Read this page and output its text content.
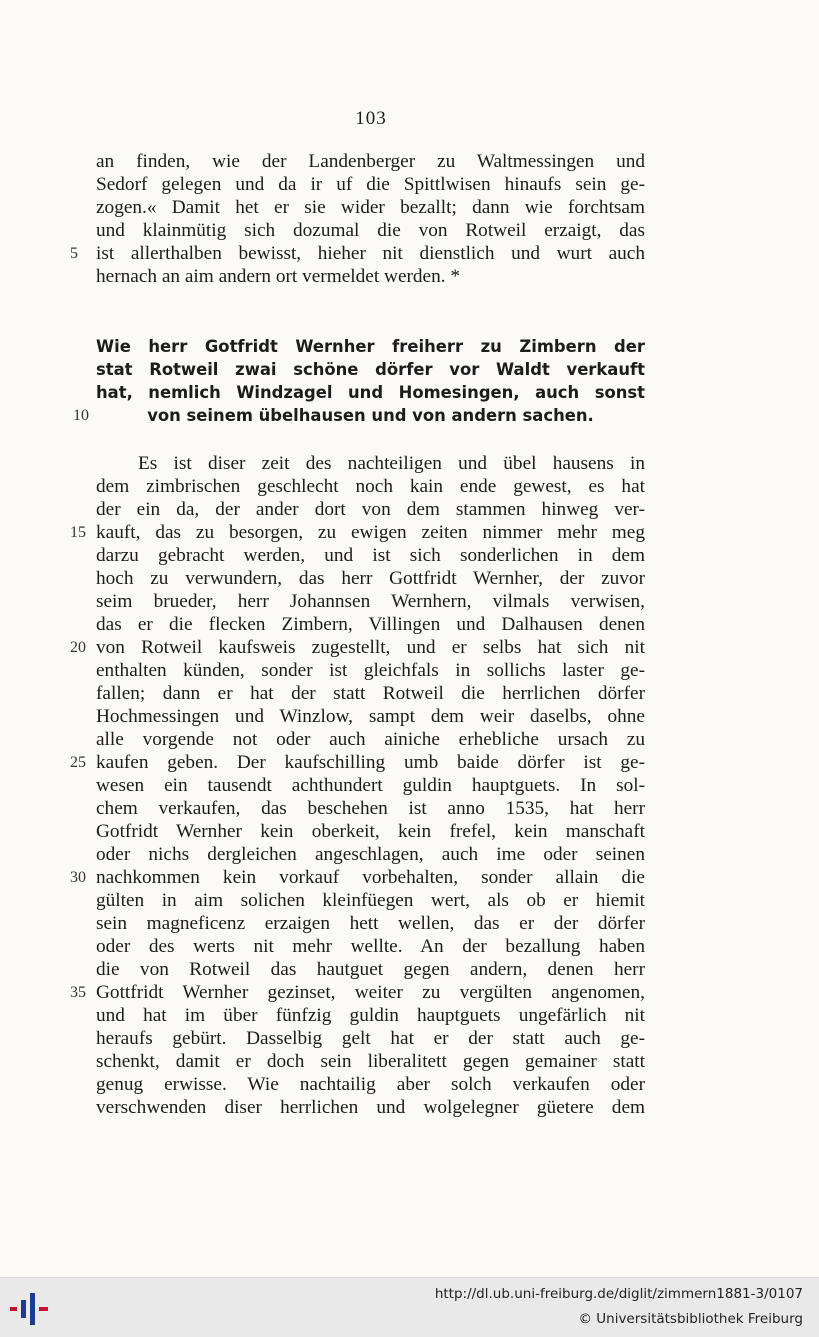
103
an finden, wie der Landenberger zu Waltmessingen und
Sedorf gelegen und da ir uf die Spittlwisen hinaufs sein ge-
zogen.« Damit het er sie wider bezallt; dann wie forchtsam
und klainmütig sich dozumal die von Rotweil erzaigt, das
5 ist allerthalben bewisst, hieher nit dienstlich und wurt auch
hernach an aim andern ort vermeldet werden. *
Wie herr Gotfridt Wernher freiherr zu Zimbern der
stat Rotweil zwai schöne dörfer vor Waldt verkauft
hat, nemlich Windzagel und Homesingen, auch sonst
10	von seinem übelhausen und von andern sachen.
Es ist diser zeit des nachteiligen und übel hausens in
dem zimbrischen geschlecht noch kain ende gewest, es hat
der ein da, der ander dort von dem stammen hinweg ver-
15 kauft, das zu besorgen, zu ewigen zeiten nimmer mehr meg
darzu gebracht werden, und ist sich sonderlichen in dem
hoch zu verwundern, das herr Gottfridt Wernher, der zuvor
seim brueder, herr Johannsen Wernhern, vilmals verwisen,
das er die flecken Zimbern, Villingen und Dalhausen denen
20 von Rotweil kaufsweis zugestellt, und er selbs hat sich nit
enthalten künden, sonder ist gleichfals in sollichs laster ge-
fallen; dann er hat der statt Rotweil die herrlichen dörfer
Hochmessingen und Winzlow, sampt dem weir daselbs, ohne
alle vorgende not oder auch ainiche erhebliche ursach zu
25 kaufen geben. Der kaufschilling umb baide dörfer ist ge-
wesen ein tausendt achthundert guldin hauptguets. In sol-
chem verkaufen, das beschehen ist anno 1535, hat herr
Gotfridt Wernher kein oberkeit, kein frefel, kein manschaft
oder nichs dergleichen angeschlagen, auch ime oder seinen
30 nachkommen kein vorkauf vorbehalten, sonder allain die
gülten in aim solichen kleinfüegen wert, als ob er hiemit
sein magneficenz erzaigen hett wellen, das er der dörfer
oder des werts nit mehr wellte. An der bezallung haben
die von Rotweil das hautguet gegen andern, denen herr
35 Gottfridt Wernher gezinset, weiter zu vergülten angenomen,
und hat im über fünfzig guldin hauptguets ungefärlich nit
heraufs gebürt. Dasselbig gelt hat er der statt auch ge-
schenkt, damit er doch sein liberalitett gegen gemainer statt
genug erwisse. Wie nachtailig aber solch verkaufen oder
verschwenden diser herrlichen und wolgelegner güetere dem
http://dl.ub.uni-freiburg.de/diglit/zimmern1881-3/0107
© Universitätsbibliothek Freiburg
